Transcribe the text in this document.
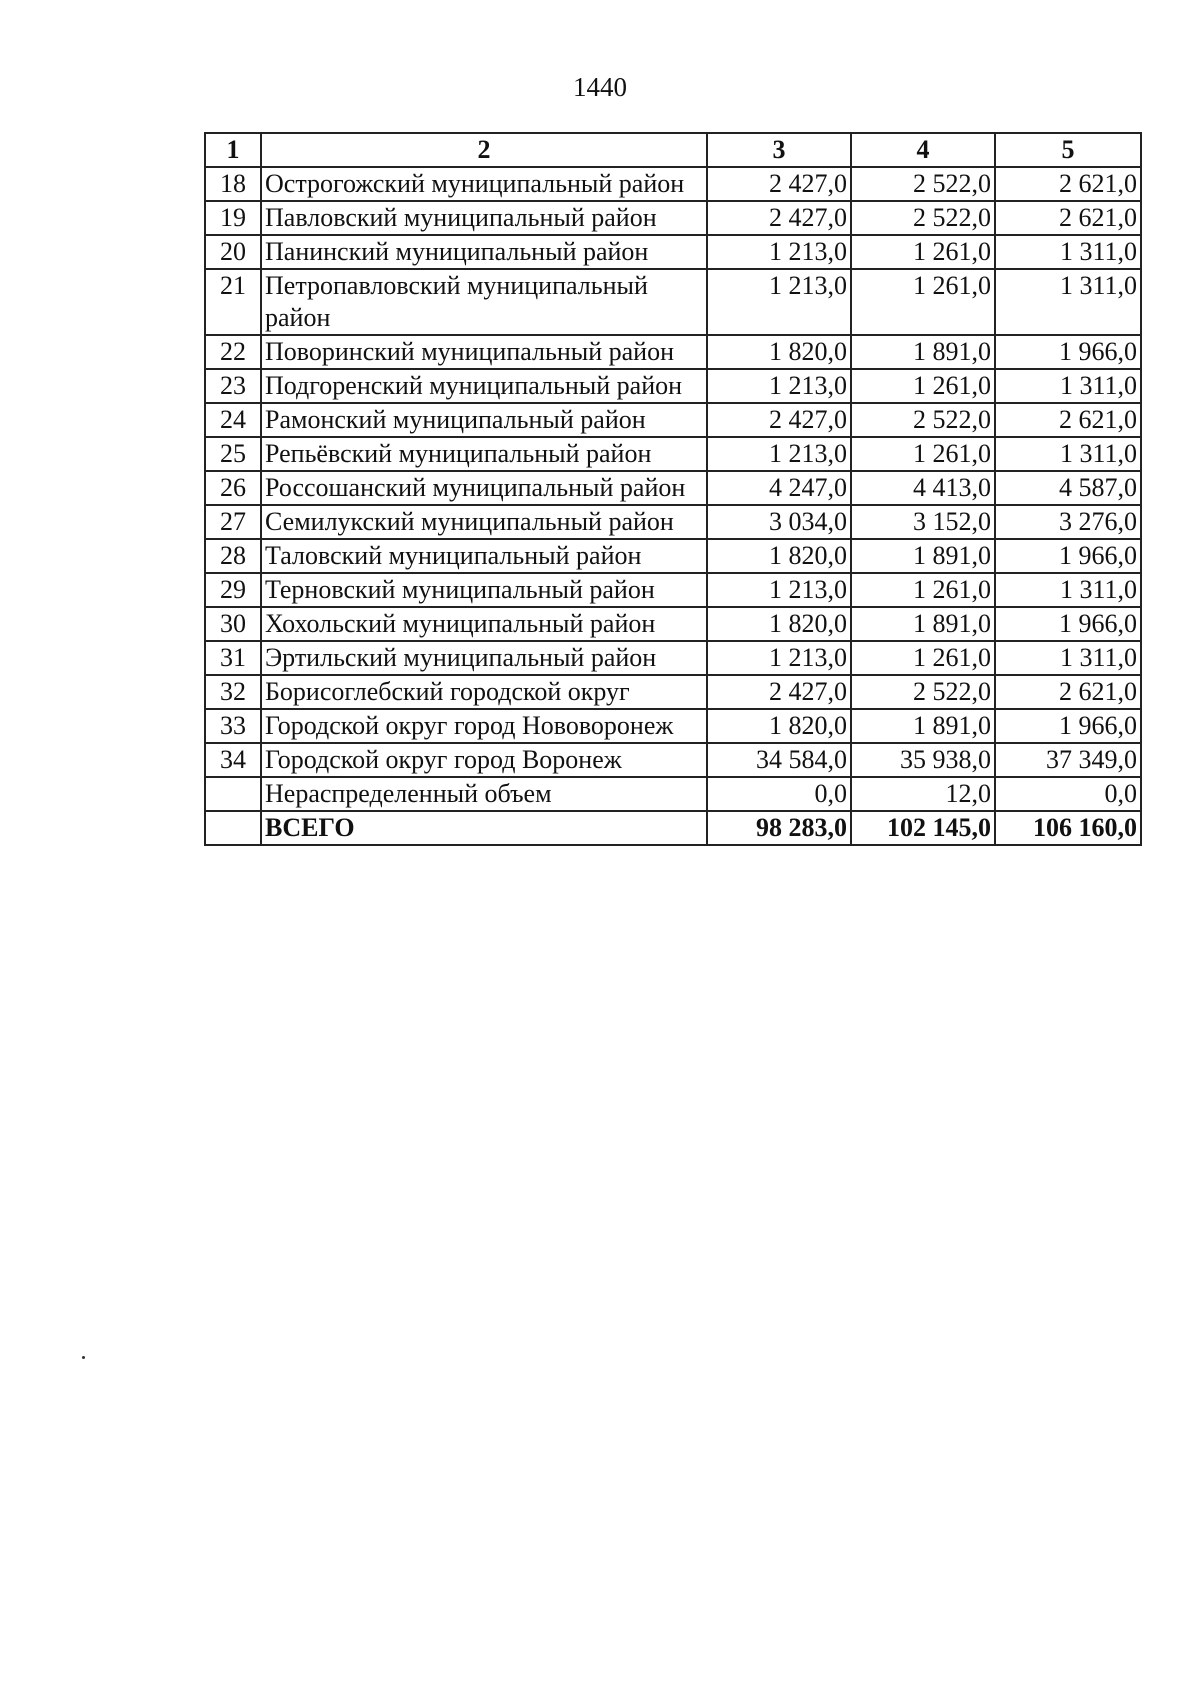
1440
1	2	3	4	5
18	Острогожский муниципальный район	2 427,0	2 522,0	2 621,0
19	Павловский муниципальный район	2 427,0	2 522,0	2 621,0
20	Панинский муниципальный район	1 213,0	1 261,0	1 311,0
21	Петропавловский муниципальный район	1 213,0	1 261,0	1 311,0
22	Поворинский муниципальный район	1 820,0	1 891,0	1 966,0
23	Подгоренский муниципальный район	1 213,0	1 261,0	1 311,0
24	Рамонский муниципальный район	2 427,0	2 522,0	2 621,0
25	Репьёвский муниципальный район	1 213,0	1 261,0	1 311,0
26	Россошанский муниципальный район	4 247,0	4 413,0	4 587,0
27	Семилукский муниципальный район	3 034,0	3 152,0	3 276,0
28	Таловский муниципальный район	1 820,0	1 891,0	1 966,0
29	Терновский муниципальный район	1 213,0	1 261,0	1 311,0
30	Хохольский муниципальный район	1 820,0	1 891,0	1 966,0
31	Эртильский муниципальный район	1 213,0	1 261,0	1 311,0
32	Борисоглебский городской округ	2 427,0	2 522,0	2 621,0
33	Городской округ город Нововоронеж	1 820,0	1 891,0	1 966,0
34	Городской округ город Воронеж	34 584,0	35 938,0	37 349,0
	Нераспределенный объем	0,0	12,0	0,0
	ВСЕГО	98 283,0	102 145,0	106 160,0
